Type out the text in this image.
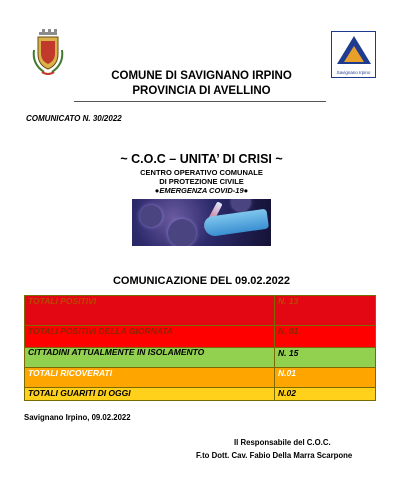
Savignano Irpino
COMUNE DI SAVIGNANO IRPINO
PROVINCIA DI AVELLINO
COMUNICATO N. 30/2022
~ C.O.C – UNITA’ DI CRISI ~
CENTRO OPERATIVO COMUNALE
DI PROTEZIONE CIVILE
●EMERGENZA COVID-19●
COMUNICAZIONE DEL 09.02.2022
TOTALI POSITIVI	N. 13
TOTALI POSITIVI DELLA GIORNATA	N. 01
CITTADINI ATTUALMENTE IN ISOLAMENTO	N. 15
TOTALI RICOVERATI	N.01
TOTALI GUARITI DI OGGI	N.02
Savignano Irpino, 09.02.2022
Il Responsabile del C.O.C.
F.to Dott. Cav. Fabio Della Marra Scarpone
